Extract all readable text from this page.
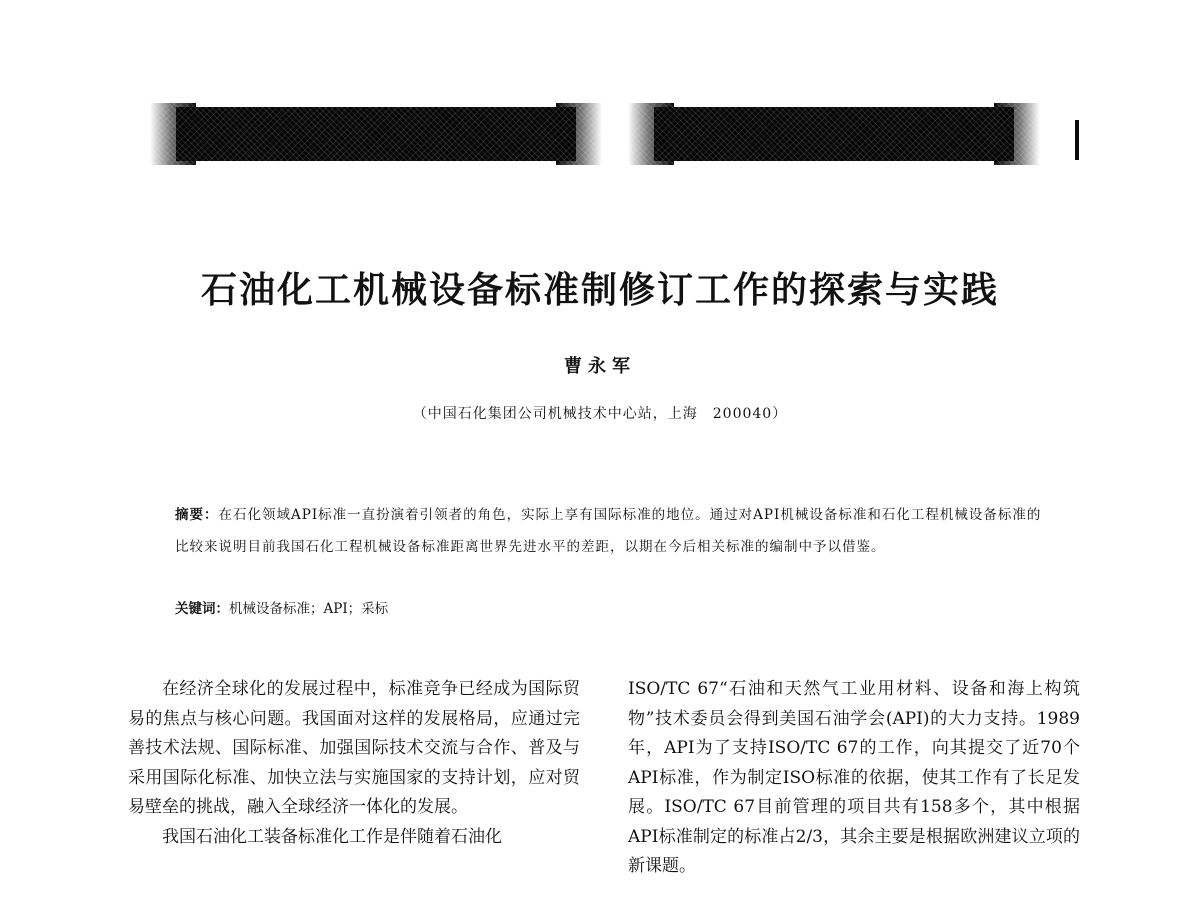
石油化工机械设备标准制修订工作的探索与实践
曹永军
（中国石化集团公司机械技术中心站，上海　200040）
摘要：在石化领域API标准一直扮演着引领者的角色，实际上享有国际标准的地位。通过对API机械设备标准和石化工程机械设备标准的比较来说明目前我国石化工程机械设备标准距离世界先进水平的差距，以期在今后相关标准的编制中予以借鉴。
关键词：机械设备标准；API；采标

在经济全球化的发展过程中，标准竞争已经成为国际贸易的焦点与核心问题。我国面对这样的发展格局，应通过完善技术法规、国际标准、加强国际技术交流与合作、普及与采用国际化标准、加快立法与实施国家的支持计划，应对贸易壁垒的挑战，融入全球经济一体化的发展。

我国石油化工装备标准化工作是伴随着石油化

ISO/TC 67“石油和天然气工业用材料、设备和海上构筑物”技术委员会得到美国石油学会(API)的大力支持。1989年，API为了支持ISO/TC 67的工作，向其提交了近70个API标准，作为制定ISO标准的依据，使其工作有了长足发展。ISO/TC 67目前管理的项目共有158多个，其中根据API标准制定的标准占2/3，其余主要是根据欧洲建议立项的新课题。
